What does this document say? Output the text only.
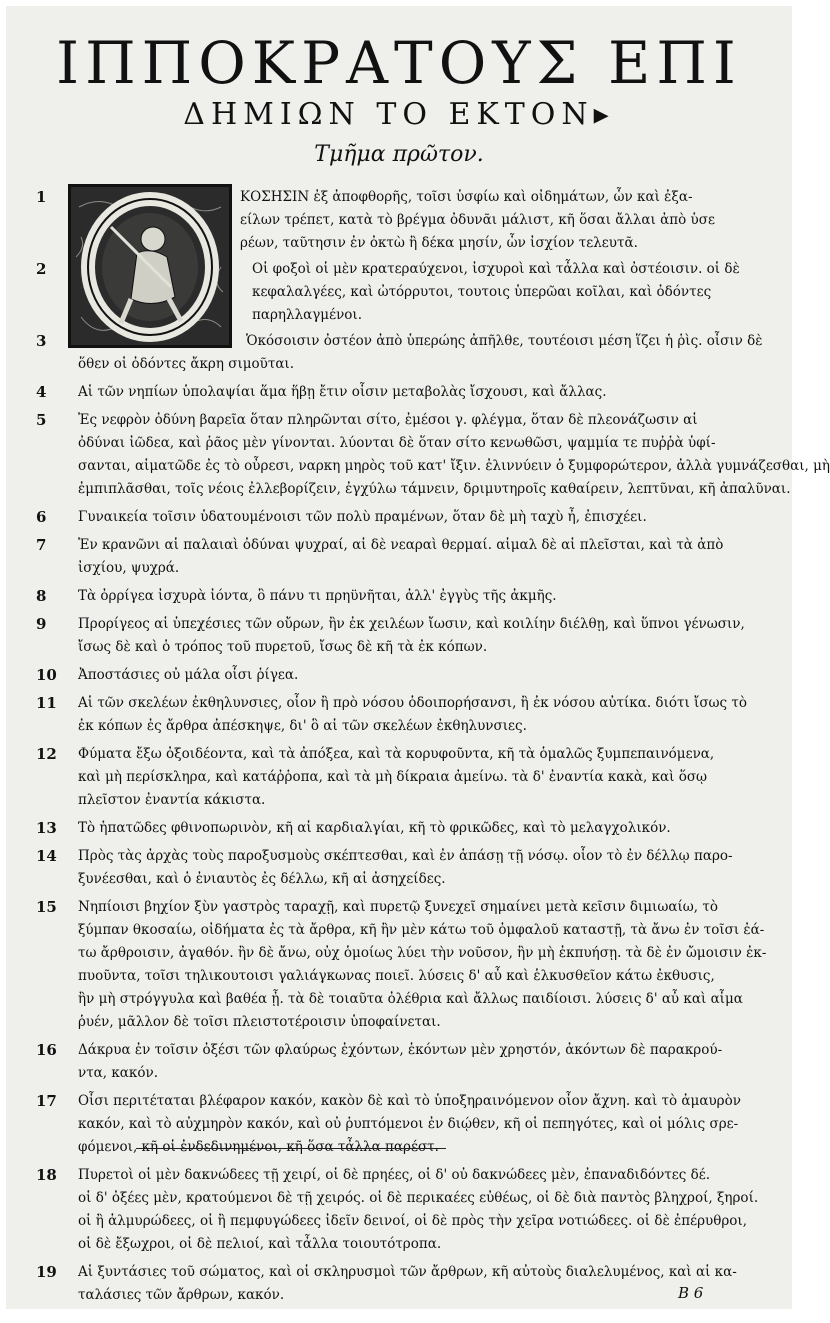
ΙΠΠΟΚΡΑΤΟΥΣ ΕΠΙ
ΔΗΜΙΩΝ ΤΟ ΕΚΤΟΝ▸
Τμῆμα πρῶτον.
1	ΚΟΣΗΣΙΝ ἐξ ἀποφθορῆς, τοῖσι ὑσφίω καὶ οἰδημάτων, ὧν καὶ ἐξα-
είλων τρέπετ, κατὰ τὸ βρέγμα ὀδυνᾶι μάλιστ, κῆ ὅσαι ἄλλαι ἀπὸ ὑσε
ρέων, ταῦτησιν ἐν ὀκτὼ ἢ δέκα μησίν, ὧν ἰσχίον τελευτᾶ.
2	Οἱ φοξοὶ οἱ μὲν κρατεραύχενοι, ἰσχυροὶ καὶ τἆλλα καὶ ὀστέοισιν. οἱ δὲ
κεφαλαλγέες, καὶ ὠτόρρυτοι, τουτοις ὑπερῶαι κοῖλαι, καὶ ὀδόντες
παρηλλαγμένοι.
3	Ὁκόσοισιν ὀστέον ἀπὸ ὑπερώης ἀπῆλθε, τουτέοισι μέση ἵζει ἡ ῥὶς. οἷσιν δὲ
ὅθεν οἱ ὀδόντες ἄκρη σιμοῦται.
4 Αἱ τῶν νηπίων ὑπολαψίαι ἅμα ἥβῃ ἔτιν οἷσιν μεταβολὰς ἴσχουσι, καὶ ἄλλας.
5 Ἐς νεφρὸν ὀδύνη βαρεῖα ὅταν πληρῶνται σίτο, ἐμέσοι γ. φλέγμα, ὅταν δὲ πλεονάζωσιν αἱ
ὀδύναι ἰῶδεα, καὶ ῥᾶος μὲν γίνονται. λύονται δὲ ὅταν σίτο κενωθῶσι, ψαμμία τε πυῤῥὰ ὑφί-
σανται, αἱματῶδε ἐς τὸ οὖρεσι, ναρκη μηρὸς τοῦ κατ' ἴξιν. ἐλιννύειν ὁ ξυμφορώτερον, ἀλλὰ γυμνάζεσθαι, μὴ
ἐμπιπλᾶσθαι, τοῖς νέοις ἐλλεβορίζειν, ἐγχύλω τάμνειν, δριμυτηροῖς καθαίρειν, λεπτῦναι, κῆ ἀπαλῦναι.
6 Γυναικεία τοῖσιν ὑδατουμένοισι τῶν πολὺ πραμένων, ὅταν δὲ μὴ ταχὺ ἦ, ἐπισχέει.
7 Ἐν κρανῶνι αἱ παλαιαὶ ὀδύναι ψυχραί, αἱ δὲ νεαραὶ θερμαί. αἱμαλ δὲ αἱ πλεῖσται, καὶ τὰ ἀπὸ
ἰσχίου, ψυχρά.
8 Τὰ ὀρρίγεα ἰσχυρὰ ἰόντα, ὃ πάνυ τι πρηϋνῆται, ἀλλ' ἐγγὺς τῆς ἀκμῆς.
9 Προρίγεος αἱ ὑπεχέσιες τῶν οὔρων, ἢν ἐκ χειλέων ἴωσιν, καὶ κοιλίην διέλθῃ, καὶ ὕπνοι γένωσιν,
ἴσως δὲ καὶ ὁ τρόπος τοῦ πυρετοῦ, ἴσως δὲ κῆ τὰ ἐκ κόπων.
10 Ἀποστάσιες οὐ μάλα οἷσι ῥίγεα.
11 Αἱ τῶν σκελέων ἐκθηλυνσιες, οἷον ἢ πρὸ νόσου ὁδοιπορήσανσι, ἢ ἐκ νόσου αὐτίκα. διότι ἴσως τὸ
ἐκ κόπων ἐς ἄρθρα ἀπέσκηψε, δι' ὃ αἱ τῶν σκελέων ἐκθηλυνσιες.
12 Φύματα ἔξω ὀξοιδέοντα, καὶ τὰ ἀπόξεα, καὶ τὰ κορυφοῦντα, κῆ τὰ ὁμαλῶς ξυμπεπαινόμενα,
καὶ μὴ περίσκληρα, καὶ κατάῤῥοπα, καὶ τὰ μὴ δίκραια ἀμείνω. τὰ δ' ἐναντία κακὰ, καὶ ὅσῳ
πλεῖστον ἐναντία κάκιστα.
13 Τὸ ἡπατῶδες φθινοπωρινὸν, κῆ αἱ καρδιαλγίαι, κῆ τὸ φρικῶδες, καὶ τὸ μελαγχολικόν.
14 Πρὸς τὰς ἀρχὰς τοὺς παροξυσμοὺς σκέπτεσθαι, καὶ ἐν ἁπάσῃ τῇ νόσῳ. οἷον τὸ ἐν δέλλῳ παρο-
ξυνέεσθαι, καὶ ὁ ἐνιαυτὸς ἐς δέλλω, κῆ αἱ ἀσηχείδες.
15 Νηπίοισι βηχίον ξὺν γαστρὸς ταραχῇ, καὶ πυρετῷ ξυνεχεῖ σημαίνει μετὰ κεῖσιν διμιωαίω, τὸ
ξύμπαν θκοσαίω, οἰδήματα ἐς τὰ ἄρθρα, κῆ ἢν μὲν κάτω τοῦ ὀμφαλοῦ καταστῇ, τὰ ἄνω ἐν τοῖσι ἐά-
τω ἄρθροισιν, ἀγαθόν. ἢν δὲ ἄνω, οὐχ ὁμοίως λύει τὴν νοῦσον, ἢν μὴ ἐκπυήσῃ. τὰ δὲ ἐν ὤμοισιν ἐκ-
πυοῦντα, τοῖσι τηλικουτοισι γαλιάγκωνας ποιεῖ. λύσεις δ' αὖ καὶ ἑλκυσθεῖον κάτω ἐκθυσις,
ἢν μὴ στρόγγυλα καὶ βαθέα ᾖ. τὰ δὲ τοιαῦτα ὀλέθρια καὶ ἄλλως παιδίοισι. λύσεις δ' αὖ καὶ αἷμα
ῥυέν, μᾶλλον δὲ τοῖσι πλειστοτέροισιν ὑποφαίνεται.
16 Δάκρυα ἐν τοῖσιν ὀξέσι τῶν φλαύρως ἐχόντων, ἑκόντων μὲν χρηστόν, ἀκόντων δὲ παρακρού-
ντα, κακόν.
17 Οἷσι περιτέταται βλέφαρον κακόν, κακὸν δὲ καὶ τὸ ὑποξηραινόμενον οἷον ἄχνη. καὶ τὸ ἀμαυρὸν
κακόν, καὶ τὸ αὐχμηρὸν κακόν, καὶ οὐ ῥυπτόμενοι ἐν διῴθεν, κῆ οἱ πεπηγότες, καὶ οἱ μόλις σρε-
φόμενοι, κῆ οἱ ἐνδεδινημένοι, κῆ ὅσα τἆλλα παρέστ.
18 Πυρετοὶ οἱ μὲν δακνώδεες τῇ χειρί, οἱ δὲ πρηέες, οἱ δ' οὐ δακνώδεες μὲν, ἐπαναδιδόντες δέ.
οἱ δ' ὀξέες μὲν, κρατούμενοι δὲ τῇ χειρός. οἱ δὲ περικαέες εὐθέως, οἱ δὲ διὰ παντὸς βληχροί, ξηροί.
οἱ ἢ ἁλμυρώδεες, οἱ ἢ πεμφυγώδεες ἰδεῖν δεινοί, οἱ δὲ πρὸς τὴν χεῖρα νοτιώδεες. οἱ δὲ ἐπέρυθροι,
οἱ δὲ ἔξωχροι, οἱ δὲ πελιοί, καὶ τἆλλα τοιουτότροπα.
19 Αἱ ξυντάσιες τοῦ σώματος, καὶ οἱ σκληρυσμοὶ τῶν ἄρθρων, κῆ αὐτοὺς διαλελυμένος, καὶ αἱ κα-
ταλάσιες τῶν ἄρθρων, κακόν.	B 6
